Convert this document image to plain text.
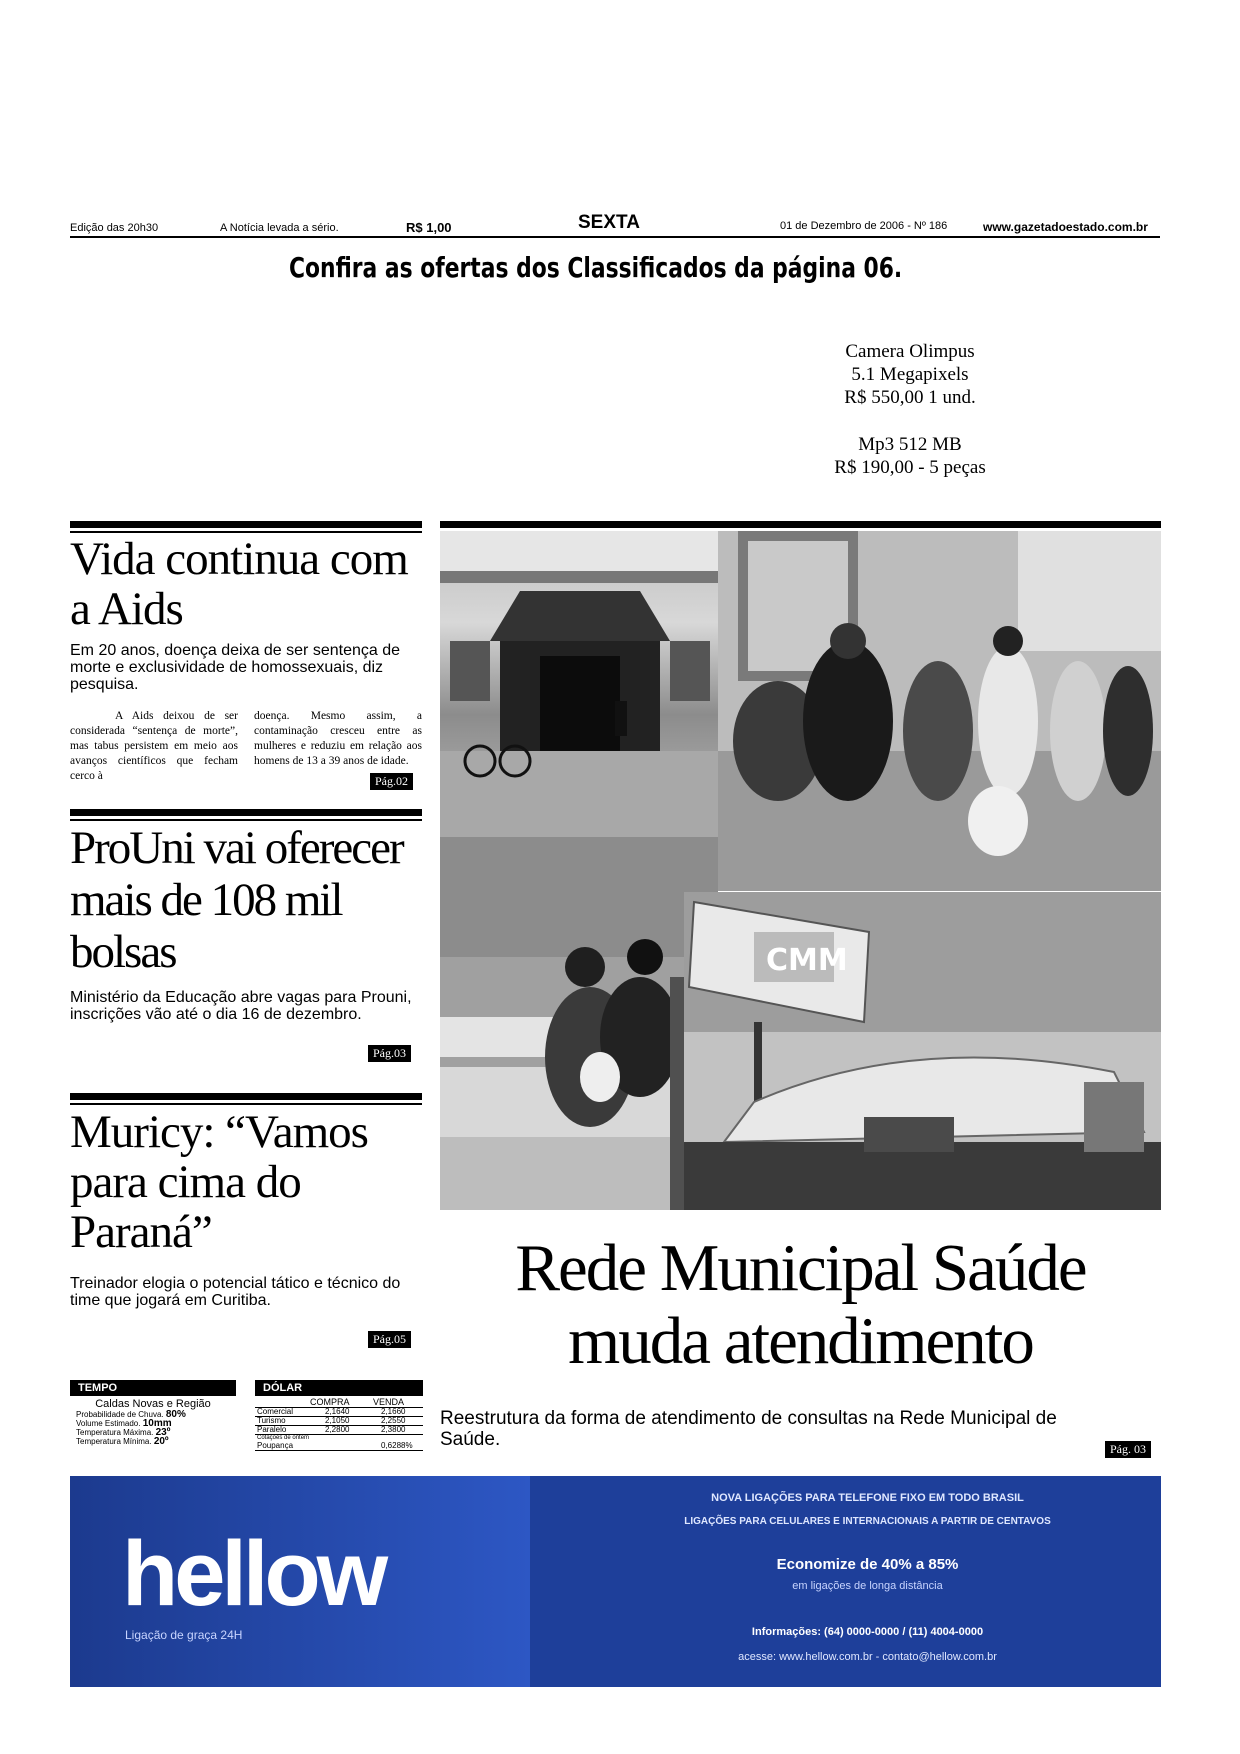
Edição das 20h30	A Notícia levada a sério.	R$ 1,00	SEXTA	01 de Dezembro de 2006 - Nº 186	www.gazetadoestado.com.br
Confira as ofertas dos Classificados da página 06.
Camera Olimpus
5.1 Megapixels
R$ 550,00 1 und.
Mp3 512 MB
R$ 190,00 - 5 peças
Vida continua com a Aids
Em 20 anos, doença deixa de ser sentença de morte e exclusividade de homossexuais, diz pesquisa.
A Aids deixou de ser considerada “sentença de morte”, mas tabus persistem em meio aos avanços científicos que fecham cerco à
doença. Mesmo assim, a contaminação cresceu entre as mulheres e reduziu em relação aos homens de 13 a 39 anos de idade.
Pág.02
ProUni vai oferecer mais de 108 mil bolsas
Ministério da Educação abre vagas para Prouni, inscrições vão até o dia 16 de dezembro.
Pág.03
Muricy: “Vamos para cima do Paraná”
Treinador elogia o potencial tático e técnico do time que jogará em Curitiba.
Pág.05
TEMPO
Caldas Novas e Região
Probabilidade de Chuva. 80%
Volume Estimado. 10mm
Temperatura Máxima. 23º
Temperatura Mínima. 20º
DÓLAR
COMPRA	VENDA
Comercial	2,1640	2,1660
Turismo	2,1050	2,2550
Paralelo	2,2800	2,3800
Cotações de ontem
Poupança	0,6288%
CMM
Rede Municipal Saúde
muda atendimento
Reestrutura da forma de atendimento de consultas na Rede Municipal de Saúde.	Pág. 03
hellow
Ligação de graça 24H
NOVA LIGAÇÕES PARA TELEFONE FIXO EM TODO BRASIL
LIGAÇÕES PARA CELULARES E INTERNACIONAIS A PARTIR DE CENTAVOS
Economize de 40% a 85%
em ligações de longa distância
Informações: (64) 0000-0000 / (11) 4004-0000
acesse: www.hellow.com.br - contato@hellow.com.br
